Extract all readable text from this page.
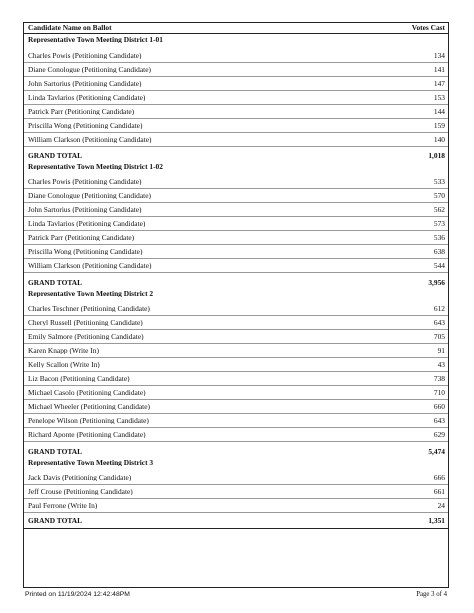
Candidate Name on Ballot	Votes Cast
Representative Town Meeting District 1-01
Charles Powis (Petitioning Candidate)	134
Diane Conologue (Petitioning Candidate)	141
John Sartorius (Petitioning Candidate)	147
Linda Tavlarios (Petitioning Candidate)	153
Patrick Parr (Petitioning Candidate)	144
Priscilla Wong (Petitioning Candidate)	159
William Clarkson (Petitioning Candidate)	140
GRAND TOTAL	1,018
Representative Town Meeting District 1-02
Charles Powis (Petitioning Candidate)	533
Diane Conologue (Petitioning Candidate)	570
John Sartorius (Petitioning Candidate)	562
Linda Tavlarios (Petitioning Candidate)	573
Patrick Parr (Petitioning Candidate)	536
Priscilla Wong (Petitioning Candidate)	638
William Clarkson (Petitioning Candidate)	544
GRAND TOTAL	3,956
Representative Town Meeting District 2
Charles Teschner (Petitioning Candidate)	612
Cheryl Russell (Petitioning Candidate)	643
Emily Salmore (Petitioning Candidate)	705
Karen Knapp (Write In)	91
Kelly Scallon (Write In)	43
Liz Bacon (Petitioning Candidate)	738
Michael Casolo (Petitioning Candidate)	710
Michael Wheeler (Petitioning Candidate)	660
Penelope Wilson (Petitioning Candidate)	643
Richard Aponte (Petitioning Candidate)	629
GRAND TOTAL	5,474
Representative Town Meeting District 3
Jack Davis (Petitioning Candidate)	666
Jeff Crouse (Petitioning Candidate)	661
Paul Ferrone (Write In)	24
GRAND TOTAL	1,351
Printed on 11/19/2024 12:42:48PM	Page 3 of 4
